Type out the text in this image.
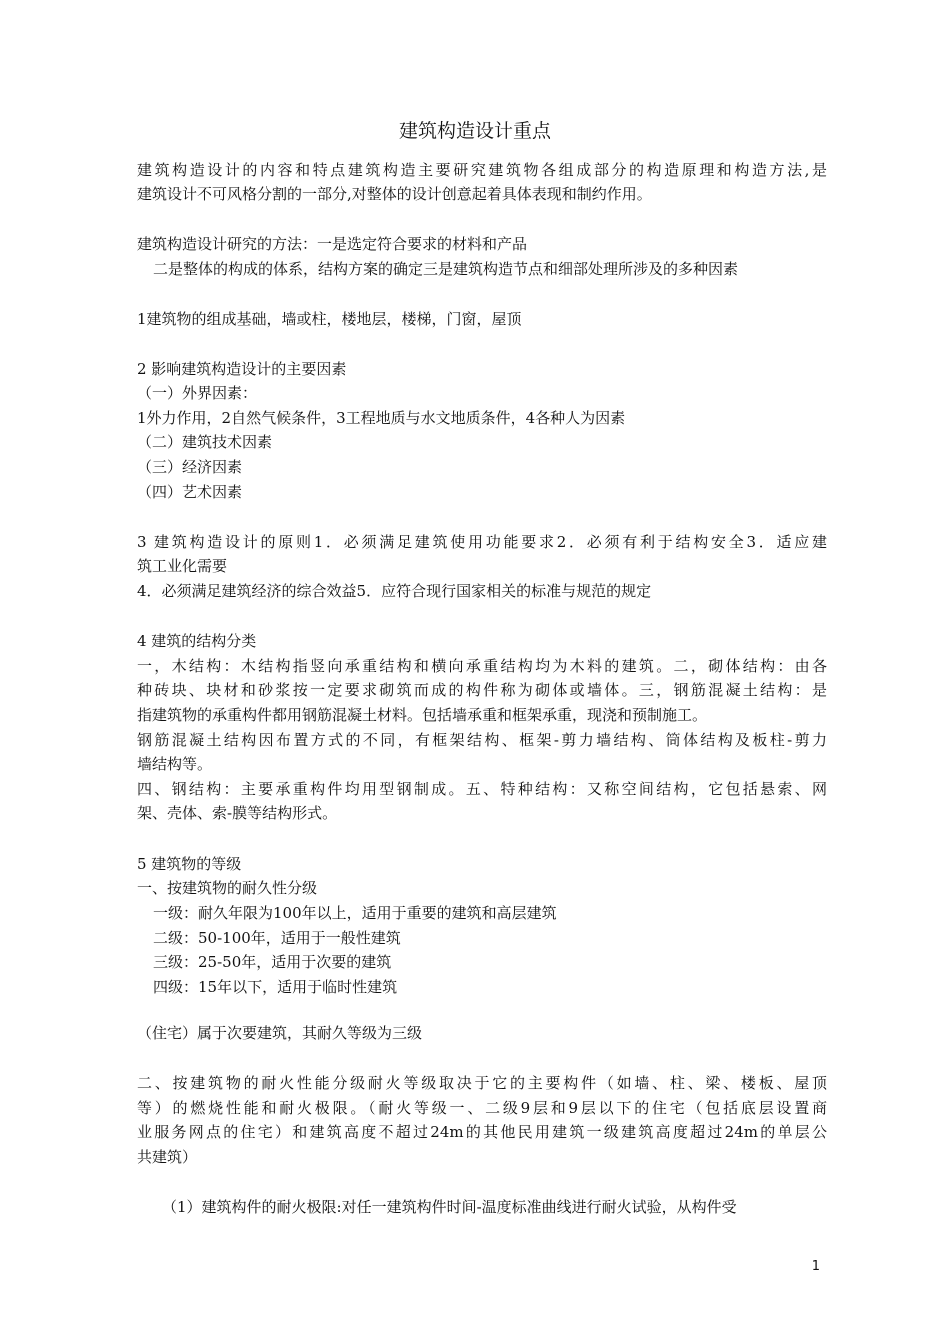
建筑构造设计重点
建筑构造设计的内容和特点建筑构造主要研究建筑物各组成部分的构造原理和构造方法,是
建筑设计不可风格分割的一部分,对整体的设计创意起着具体表现和制约作用。
建筑构造设计研究的方法：一是选定符合要求的材料和产品
二是整体的构成的体系，结构方案的确定三是建筑构造节点和细部处理所涉及的多种因素
1建筑物的组成基础，墙或柱，楼地层，楼梯，门窗，屋顶
2 影响建筑构造设计的主要因素
（一）外界因素：
1外力作用，2自然气候条件，3工程地质与水文地质条件，4各种人为因素
（二）建筑技术因素
（三）经济因素
（四）艺术因素
3 建筑构造设计的原则1．必须满足建筑使用功能要求2．必须有利于结构安全3．适应建
筑工业化需要
4．必须满足建筑经济的综合效益5．应符合现行国家相关的标准与规范的规定
4 建筑的结构分类
一，木结构：木结构指竖向承重结构和横向承重结构均为木料的建筑。二，砌体结构：由各
种砖块、块材和砂浆按一定要求砌筑而成的构件称为砌体或墙体。三，钢筋混凝土结构：是
指建筑物的承重构件都用钢筋混凝土材料。包括墙承重和框架承重，现浇和预制施工。
钢筋混凝土结构因布置方式的不同，有框架结构、框架-剪力墙结构、筒体结构及板柱-剪力
墙结构等。
四、钢结构：主要承重构件均用型钢制成。五、特种结构：又称空间结构，它包括悬索、网
架、壳体、索-膜等结构形式。
5 建筑物的等级
一、按建筑物的耐久性分级
一级：耐久年限为100年以上，适用于重要的建筑和高层建筑
二级：50-100年，适用于一般性建筑
三级：25-50年，适用于次要的建筑
四级：15年以下，适用于临时性建筑
（住宅）属于次要建筑，其耐久等级为三级
二、按建筑物的耐火性能分级耐火等级取决于它的主要构件（如墙、柱、梁、楼板、屋顶
等）的燃烧性能和耐火极限。（耐火等级一、二级9层和9层以下的住宅（包括底层设置商
业服务网点的住宅）和建筑高度不超过24m的其他民用建筑一级建筑高度超过24m的单层公
共建筑）
（1）建筑构件的耐火极限:对任一建筑构件时间-温度标准曲线进行耐火试验，从构件受
1
